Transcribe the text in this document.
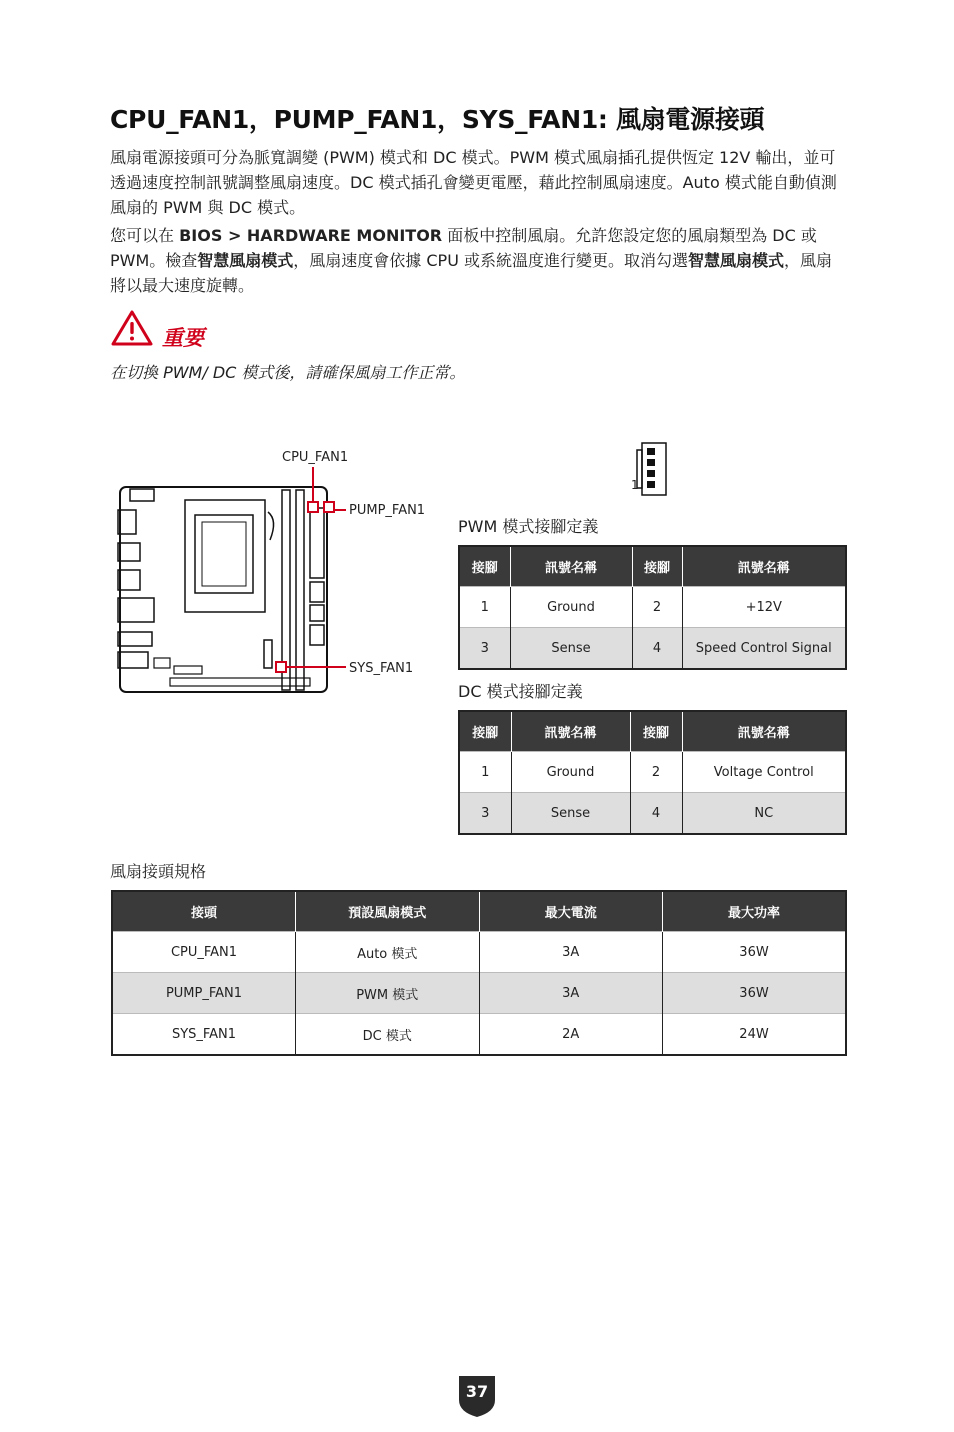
CPU_FAN1，PUMP_FAN1，SYS_FAN1: 風扇電源接頭
風扇電源接頭可分為脈寬調變 (PWM) 模式和 DC 模式。PWM 模式風扇插孔提供恆定 12V 輸出，並可透過速度控制訊號調整風扇速度。DC 模式插孔會變更電壓，藉此控制風扇速度。Auto 模式能自動偵測風扇的 PWM 與 DC 模式。
您可以在 BIOS > HARDWARE MONITOR 面板中控制風扇。允許您設定您的風扇類型為 DC 或 PWM。檢查智慧風扇模式，風扇速度會依據 CPU 或系統溫度進行變更。取消勾選智慧風扇模式，風扇將以最大速度旋轉。
重要
在切換 PWM/ DC 模式後，請確保風扇工作正常。
CPU_FAN1
PUMP_FAN1
SYS_FAN1
1
PWM 模式接腳定義
接腳	訊號名稱	接腳	訊號名稱
1	Ground	2	+12V
3	Sense	4	Speed Control Signal
DC 模式接腳定義
接腳	訊號名稱	接腳	訊號名稱
1	Ground	2	Voltage Control
3	Sense	4	NC
風扇接頭規格
接頭	預設風扇模式	最大電流	最大功率
CPU_FAN1	Auto 模式	3A	36W
PUMP_FAN1	PWM 模式	3A	36W
SYS_FAN1	DC 模式	2A	24W
37
